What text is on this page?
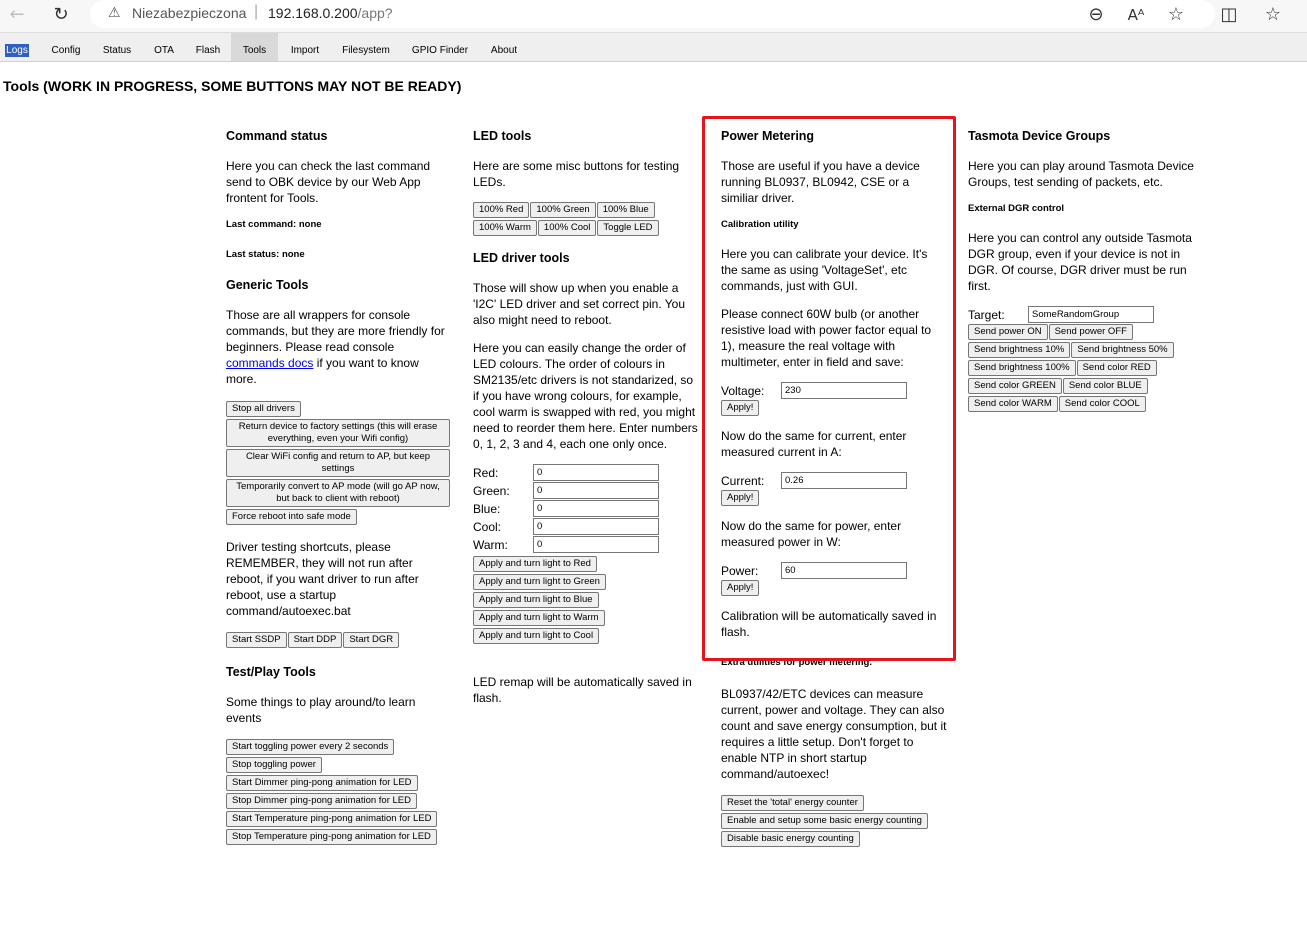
← ↻	⚠ Niezabezpieczona | 192.168.0.200/app?	⊖ Aᴬ ☆ ◫ ☆
Logs	Config	Status	OTA	Flash	Tools	Import	Filesystem	GPIO Finder	About
Tools (WORK IN PROGRESS, SOME BUTTONS MAY NOT BE READY)
Command status

Here you can check the last command send to OBK device by our Web App frontent for Tools.

Last command: none
Last status: none
Generic Tools

Those are all wrappers for console commands, but they are more friendly for beginners. Please read console commands docs if you want to know more.

Stop all drivers
Return device to factory settings (this will erase everything, even your Wifi config)
Clear WiFi config and return to AP, but keep settings
Temporarily convert to AP mode (will go AP now, but back to client with reboot)
Force reboot into safe mode

Driver testing shortcuts, please REMEMBER, they will not run after reboot, if you want driver to run after reboot, use a startup command/autoexec.bat

Start SSDP Start DDP Start DGR
Test/Play Tools

Some things to play around/to learn events

Start toggling power every 2 seconds
Stop toggling power
Start Dimmer ping-pong animation for LED
Stop Dimmer ping-pong animation for LED
Start Temperature ping-pong animation for LED
Stop Temperature ping-pong animation for LED
LED tools

Here are some misc buttons for testing LEDs.

100% Red 100% Green 100% Blue
100% Warm 100% Cool Toggle LED
LED driver tools

Those will show up when you enable a 'I2C' LED driver and set correct pin. You also might need to reboot.

Here you can easily change the order of LED colours. The order of colours in SM2135/etc drivers is not standarized, so if you have wrong colours, for example, cool warm is swapped with red, you might need to reorder them here. Enter numbers 0, 1, 2, 3 and 4, each one only once.

Red:0
Green:0
Blue:0
Cool:0
Warm:0
Apply and turn light to Red
Apply and turn light to Green
Apply and turn light to Blue
Apply and turn light to Warm
Apply and turn light to Cool

LED remap will be automatically saved in flash.

Power Metering

Those are useful if you have a device running BL0937, BL0942, CSE or a similiar driver.

Calibration utility

Here you can calibrate your device. It's the same as using 'VoltageSet', etc commands, just with GUI.

Please connect 60W bulb (or another resistive load with power factor equal to 1), measure the real voltage with multimeter, enter in field and save:

Voltage:230
Apply!

Now do the same for current, enter measured current in A:

Current:0.26
Apply!

Now do the same for power, enter measured power in W:

Power:60
Apply!

Calibration will be automatically saved in flash.

Extra utilities for power metering.

BL0937/42/ETC devices can measure current, power and voltage. They can also count and save energy consumption, but it requires a little setup. Don't forget to enable NTP in short startup command/autoexec!

Reset the 'total' energy counter
Enable and setup some basic energy counting
Disable basic energy counting
Tasmota Device Groups

Here you can play around Tasmota Device Groups, test sending of packets, etc.

External DGR control

Here you can control any outside Tasmota DGR group, even if your device is not in DGR. Of course, DGR driver must be run first.

Target:SomeRandomGroup
Send power ON Send power OFF
Send brightness 10% Send brightness 50%
Send brightness 100% Send color RED
Send color GREEN Send color BLUE
Send color WARM Send color COOL
